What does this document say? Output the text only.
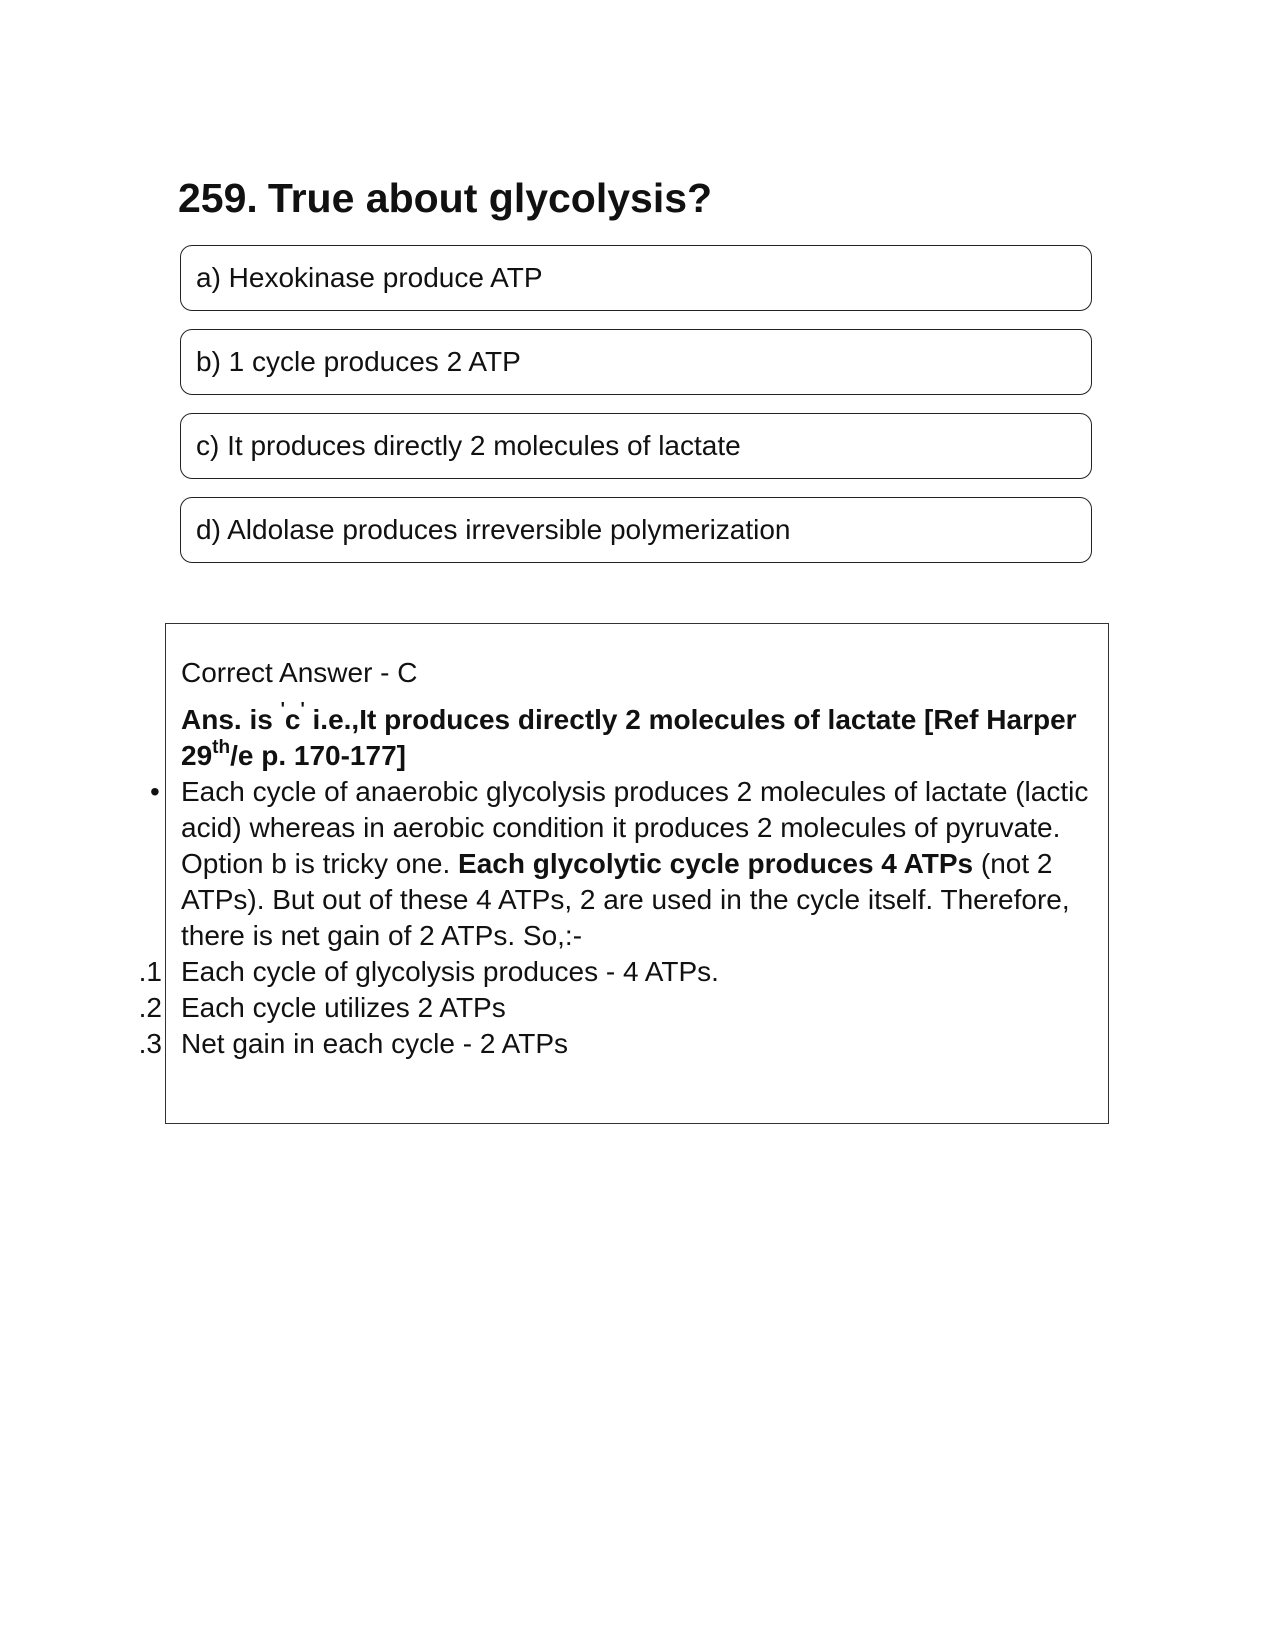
259. True about glycolysis?
a) Hexokinase produce ATP
b) 1 cycle produces 2 ATP
c) It produces directly 2 molecules of lactate
d) Aldolase produces irreversible polymerization

Correct Answer - C

Ans. is 'c' i.e.,It produces directly 2 molecules of lactate [Ref Harper 29th/e p. 170-177]

• Each cycle of anaerobic glycolysis produces 2 molecules of lactate (lactic acid) whereas in aerobic condition it produces 2 molecules of pyruvate.

Option b is tricky one. Each glycolytic cycle produces 4 ATPs (not 2 ATPs). But out of these 4 ATPs, 2 are used in the cycle itself. Therefore, there is net gain of 2 ATPs. So,:-

1. Each cycle of glycolysis produces - 4 ATPs.
2. Each cycle utilizes 2 ATPs
3. Net gain in each cycle - 2 ATPs
